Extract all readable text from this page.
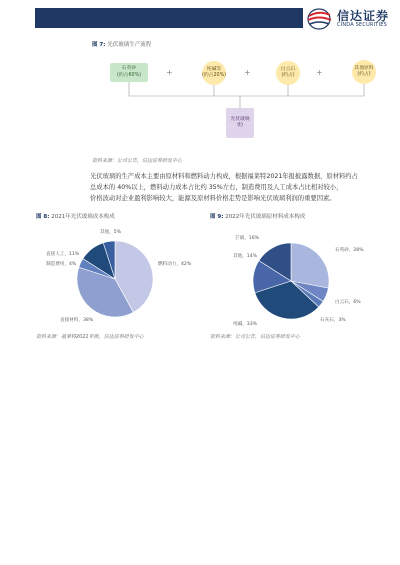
信达证券
CINDA SECURITIES
图 7: 光伏玻璃生产流程
石英砂
(约占60%)	+	纯碱等
(约占20%) +	白云石
(约占)	+	其他原料
(约占)
光伏玻璃
(t)
资料来源：公司公告，信达证券研发中心

光伏玻璃的生产成本主要由原材料和燃料动力构成，根据福莱特2021年报披露数据，原材料约占

总成本的 40%以上，燃料动力成本占比约 35%左右，制造费用及人工成本占比相对较小，

价格波动对企业盈利影响较大，能源及原材料价格走势是影响光伏玻璃利润的重要因素。

图 8: 2021年光伏玻璃成本构成
燃料动力，42%
直接材料，38%
制造费用，4%
直接人工，11%
其他，5%
资料来源：福莱特2021年报，信达证券研发中心
图 9: 2022年光伏玻璃原材料成本构成
石英砂，28%
白云石，6%
石灰石，3%
纯碱，33%
其他，14%
芒硝，16%
资料来源：公司公告，信达证券研发中心
